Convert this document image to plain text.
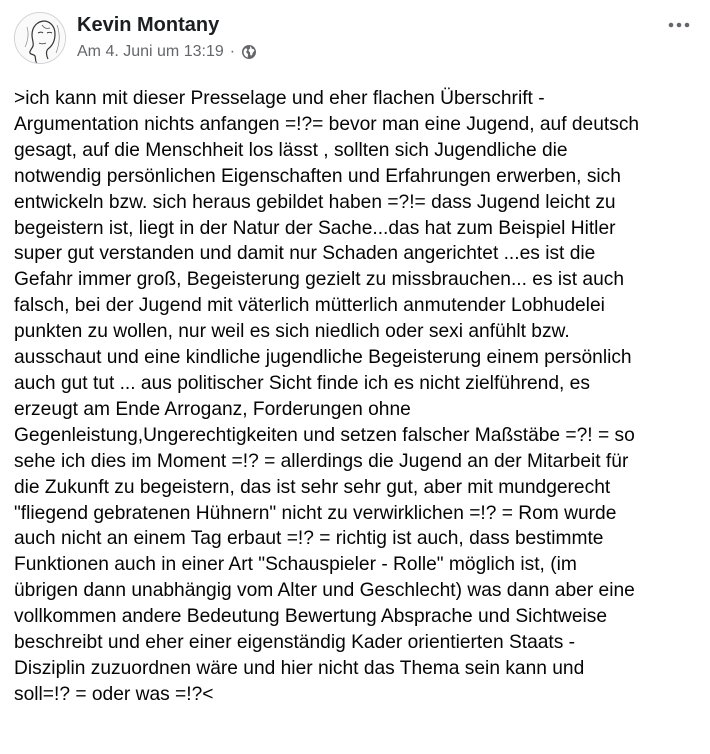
Kevin Montany
Am 4. Juni um 13:19 ·
>ich kann mit dieser Presselage und eher flachen Überschrift -
Argumentation nichts anfangen =!?= bevor man eine Jugend, auf deutsch
gesagt, auf die Menschheit los lässt , sollten sich Jugendliche die
notwendig persönlichen Eigenschaften und Erfahrungen erwerben, sich
entwickeln bzw. sich heraus gebildet haben =?!= dass Jugend leicht zu
begeistern ist, liegt in der Natur der Sache...das hat zum Beispiel Hitler
super gut verstanden und damit nur Schaden angerichtet ...es ist die
Gefahr immer groß, Begeisterung gezielt zu missbrauchen... es ist auch
falsch, bei der Jugend mit väterlich mütterlich anmutender Lobhudelei
punkten zu wollen, nur weil es sich niedlich oder sexi anfühlt bzw.
ausschaut und eine kindliche jugendliche Begeisterung einem persönlich
auch gut tut ... aus politischer Sicht finde ich es nicht zielführend, es
erzeugt am Ende Arroganz, Forderungen ohne
Gegenleistung,Ungerechtigkeiten und setzen falscher Maßstäbe =?! = so
sehe ich dies im Moment =!? = allerdings die Jugend an der Mitarbeit für
die Zukunft zu begeistern, das ist sehr sehr gut, aber mit mundgerecht
"fliegend gebratenen Hühnern" nicht zu verwirklichen =!? = Rom wurde
auch nicht an einem Tag erbaut =!? = richtig ist auch, dass bestimmte
Funktionen auch in einer Art "Schauspieler - Rolle" möglich ist, (im
übrigen dann unabhängig vom Alter und Geschlecht) was dann aber eine
vollkommen andere Bedeutung Bewertung Absprache und Sichtweise
beschreibt und eher einer eigenständig Kader orientierten Staats -
Disziplin zuzuordnen wäre und hier nicht das Thema sein kann und
soll=!? = oder was =!?<
